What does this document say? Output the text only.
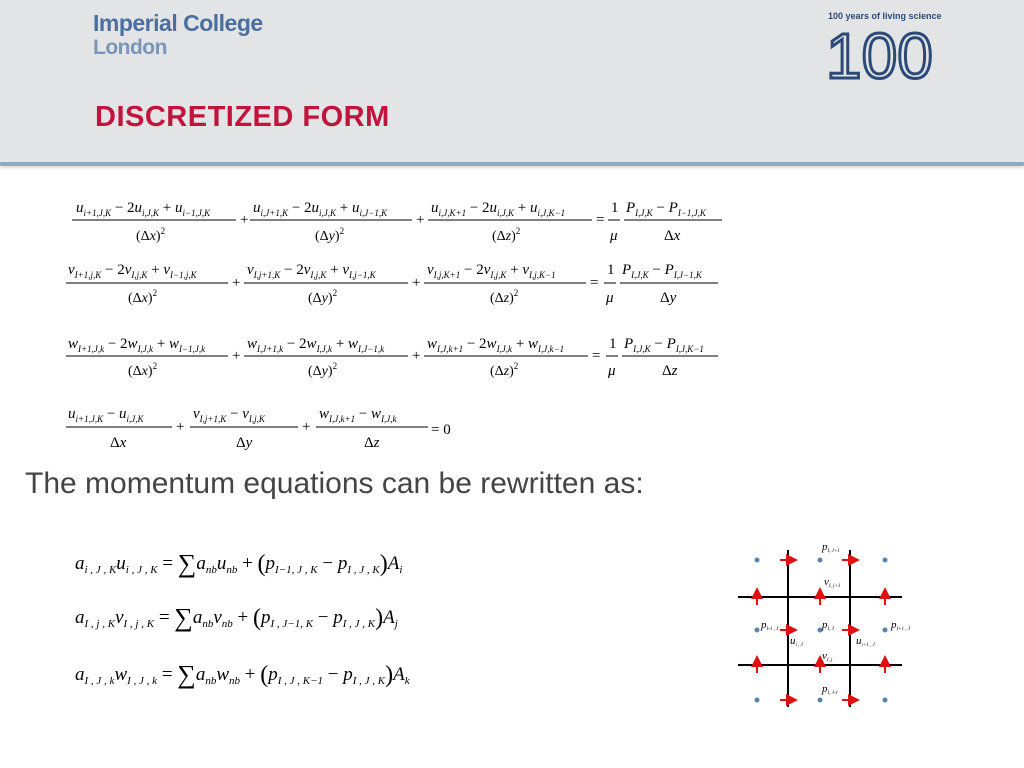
Imperial College
London
100 years of living science
100
DISCRETIZED FORM
$u_{i+1,J,K} - 2u_{i,J,K} + u_{i-1,J,K}$
$(\Delta x)^2$
+
$u_{i,J+1,K} - 2u_{i,J,K} + u_{i,J-1,K}$
$(\Delta y)^2$
+
$u_{i,J,K+1} - 2u_{i,J,K} + u_{i,J,K-1}$
$(\Delta z)^2$
=
1
μ
$P_{I,J,K} - P_{I-1,J,K}$
Δx
$v_{I+1,j,K} - 2v_{I,j,K} + v_{I-1,j,K}$
$(\Delta x)^2$
+
$v_{I,j+1,K} - 2v_{I,j,K} + v_{I,j-1,K}$
$(\Delta y)^2$
+
$v_{I,j,K+1} - 2v_{I,j,K} + v_{I,j,K-1}$
$(\Delta z)^2$
=
1
μ
$P_{I,J,K} - P_{I,J-1,K}$
Δy
$w_{I+1,J,k} - 2w_{I,J,k} + w_{I-1,J,k}$
$(\Delta x)^2$
+
$w_{I,J+1,k} - 2w_{I,J,k} + w_{I,J-1,k}$
$(\Delta y)^2$
+
$w_{I,J,k+1} - 2w_{I,J,k} + w_{I,J,k-1}$
$(\Delta z)^2$
=
1
μ
$P_{I,J,K} - P_{I,J,K-1}$
Δz
$u_{i+1,J,K} - u_{i,J,K}$
Δx
+
$v_{I,j+1,K} - v_{I,j,K}$
Δy
+
$w_{I,J,k+1} - w_{I,J,k}$
Δz
= 0
$a_{i , J , K}u_{i , J , K} = \sum a_{nb}u_{nb} + (p_{I-1, J , K} - p_{I , J , K})A_i$
$a_{I , j , K}v_{I , j , K} = \sum a_{nb}v_{nb} + (p_{I , J-1, K} - p_{I , J , K})A_j$
$a_{I , J , k}w_{I , J , k} = \sum a_{nb}w_{nb} + (p_{I , J , K-1} - p_{I , J , K})A_k$
The momentum equations can be rewritten as:
pI, J+1
vI, j+1
pI-1 , J	pI, J	pI+1 , J
ui , J	ui+1 , J
vI, j
pI, J-1
